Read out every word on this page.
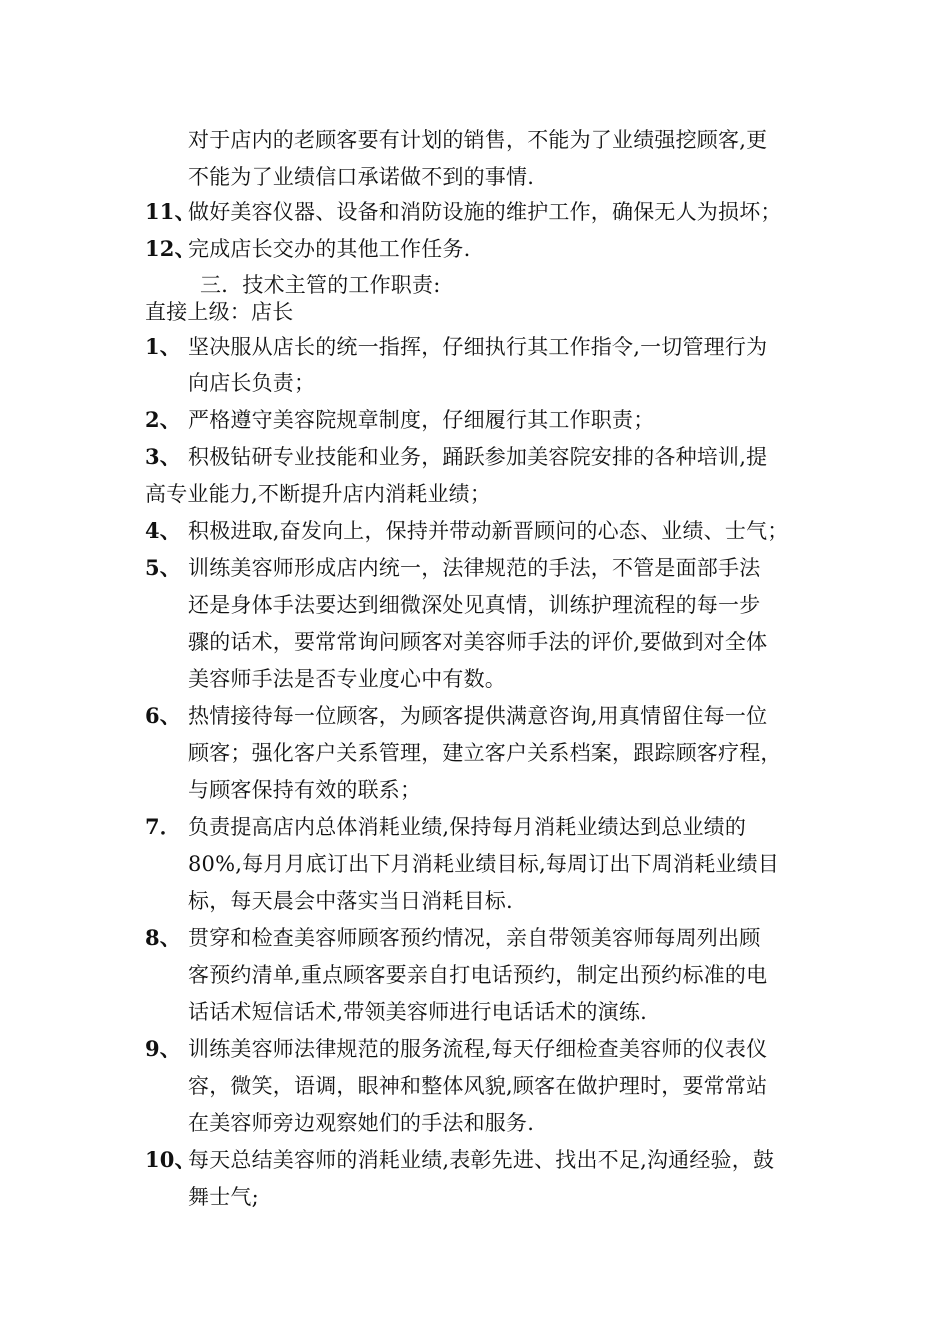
对于店内的老顾客要有计划的销售，不能为了业绩强挖顾客,更
不能为了业绩信口承诺做不到的事情.
11、
做好美容仪器、设备和消防设施的维护工作，确保无人为损坏；
12、
完成店长交办的其他工作任务.
三．技术主管的工作职责:
直接上级：店长
1、 坚决服从店长的统一指挥，仔细执行其工作指令,一切管理行为
向店长负责；
2、 严格遵守美容院规章制度，仔细履行其工作职责；
3、 积极钻研专业技能和业务，踊跃参加美容院安排的各种培训,提
高专业能力,不断提升店内消耗业绩；
4、 积极进取,奋发向上，保持并带动新晋顾问的心态、业绩、士气；
5、 训练美容师形成店内统一，法律规范的手法，不管是面部手法
还是身体手法要达到细微深处见真情，训练护理流程的每一步
骤的话术，要常常询问顾客对美容师手法的评价,要做到对全体
美容师手法是否专业度心中有数。
6、 热情接待每一位顾客，为顾客提供满意咨询,用真情留住每一位
顾客；强化客户关系管理，建立客户关系档案，跟踪顾客疗程，
与顾客保持有效的联系；
7． 负责提高店内总体消耗业绩,保持每月消耗业绩达到总业绩的
80%,每月月底订出下月消耗业绩目标,每周订出下周消耗业绩目
标，每天晨会中落实当日消耗目标.
8、 贯穿和检查美容师顾客预约情况，亲自带领美容师每周列出顾
客预约清单,重点顾客要亲自打电话预约，制定出预约标准的电
话话术短信话术,带领美容师进行电话话术的演练.
9、 训练美容师法律规范的服务流程,每天仔细检查美容师的仪表仪
容，微笑，语调，眼神和整体风貌,顾客在做护理时，要常常站
在美容师旁边观察她们的手法和服务.
10、
每天总结美容师的消耗业绩,表彰先进、找出不足,沟通经验，鼓
舞士气;
